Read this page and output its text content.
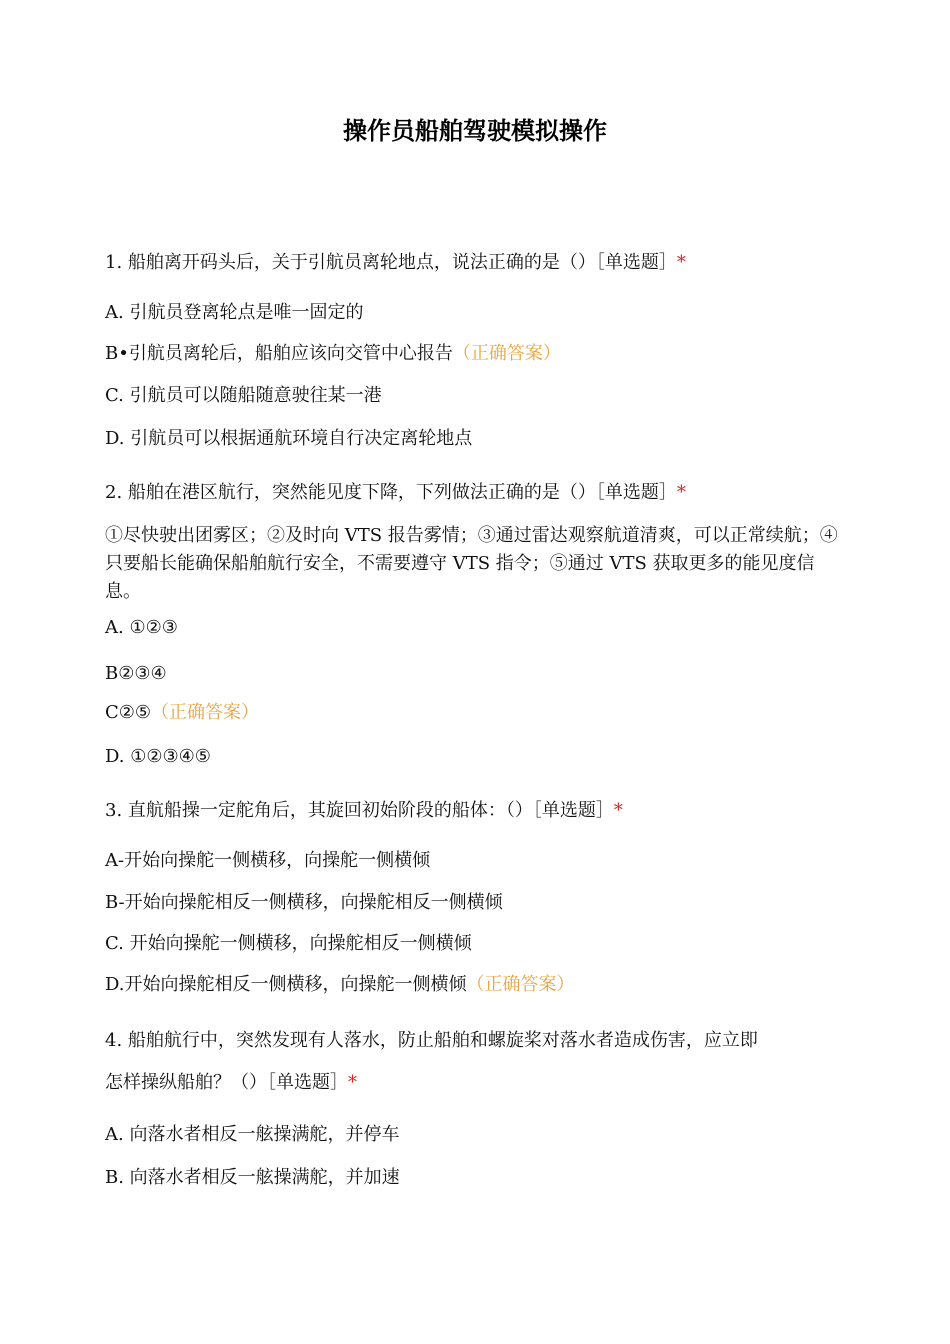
操作员船舶驾驶模拟操作
1. 船舶离开码头后，关于引航员离轮地点，说法正确的是（）［单选题］*
A. 引航员登离轮点是唯一固定的
B•引航员离轮后，船舶应该向交管中心报告（正确答案）
C. 引航员可以随船随意驶往某一港
D. 引航员可以根据通航环境自行决定离轮地点
2. 船舶在港区航行，突然能见度下降，下列做法正确的是（）［单选题］*
①尽快驶出团雾区；②及时向 VTS 报告雾情；③通过雷达观察航道清爽，可以正常续航；④只要船长能确保船舶航行安全，不需要遵守 VTS 指令；⑤通过 VTS 获取更多的能见度信息。
A. ①②③
B②③④
C②⑤（正确答案）
D. ①②③④⑤
3. 直航船操一定舵角后，其旋回初始阶段的船体：（）［单选题］*
A-开始向操舵一侧横移，向操舵一侧横倾
B-开始向操舵相反一侧横移，向操舵相反一侧横倾
C. 开始向操舵一侧横移，向操舵相反一侧横倾
D.开始向操舵相反一侧横移，向操舵一侧横倾（正确答案）
4. 船舶航行中，突然发现有人落水，防止船舶和螺旋桨对落水者造成伤害，应立即
怎样操纵船舶？（）［单选题］*
A. 向落水者相反一舷操满舵，并停车
B. 向落水者相反一舷操满舵，并加速
